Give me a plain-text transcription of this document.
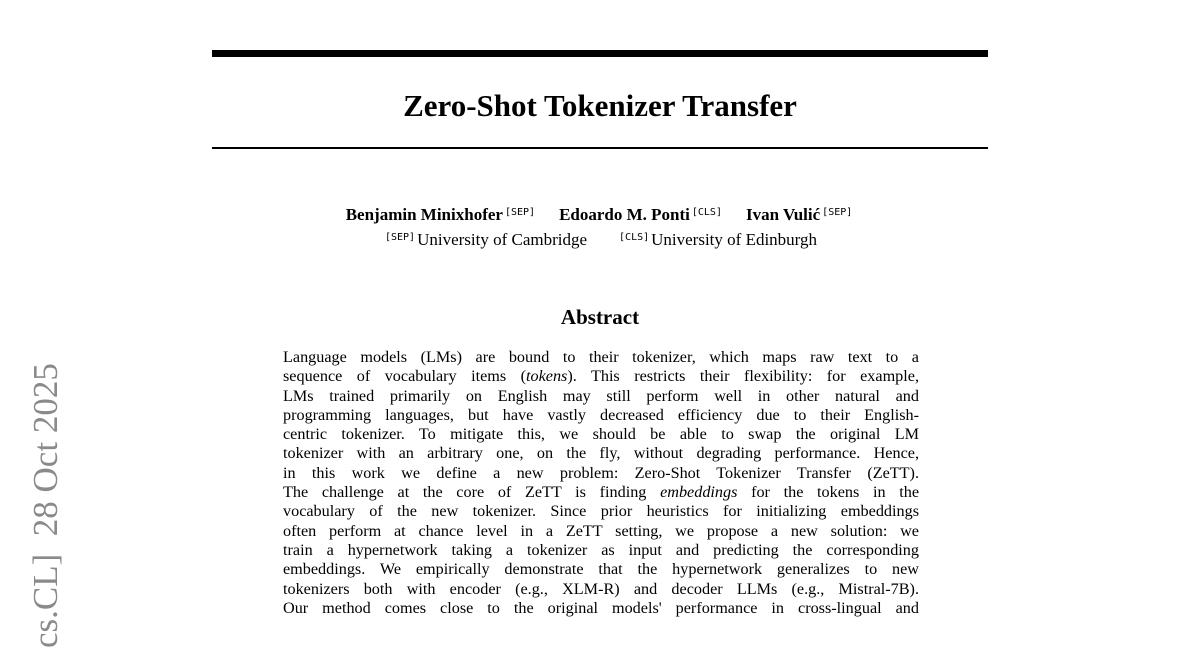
Zero-Shot Tokenizer Transfer
Benjamin Minixhofer [SEP] Edoardo M. Ponti [CLS] Ivan Vulić [SEP]
[SEP] University of Cambridge	[CLS] University of Edinburgh
Abstract
Language models (LMs) are bound to their tokenizer, which maps raw text to a
sequence of vocabulary items (tokens). This restricts their flexibility: for example,
LMs trained primarily on English may still perform well in other natural and
programming languages, but have vastly decreased efficiency due to their English-
centric tokenizer. To mitigate this, we should be able to swap the original LM
tokenizer with an arbitrary one, on the fly, without degrading performance. Hence,
in this work we define a new problem: Zero-Shot Tokenizer Transfer (ZeTT).
The challenge at the core of ZeTT is finding embeddings for the tokens in the
vocabulary of the new tokenizer. Since prior heuristics for initializing embeddings
often perform at chance level in a ZeTT setting, we propose a new solution: we
train a hypernetwork taking a tokenizer as input and predicting the corresponding
embeddings. We empirically demonstrate that the hypernetwork generalizes to new
tokenizers both with encoder (e.g., XLM-R) and decoder LLMs (e.g., Mistral-7B).
Our method comes close to the original models' performance in cross-lingual and
cs.CL]  28 Oct 2025
